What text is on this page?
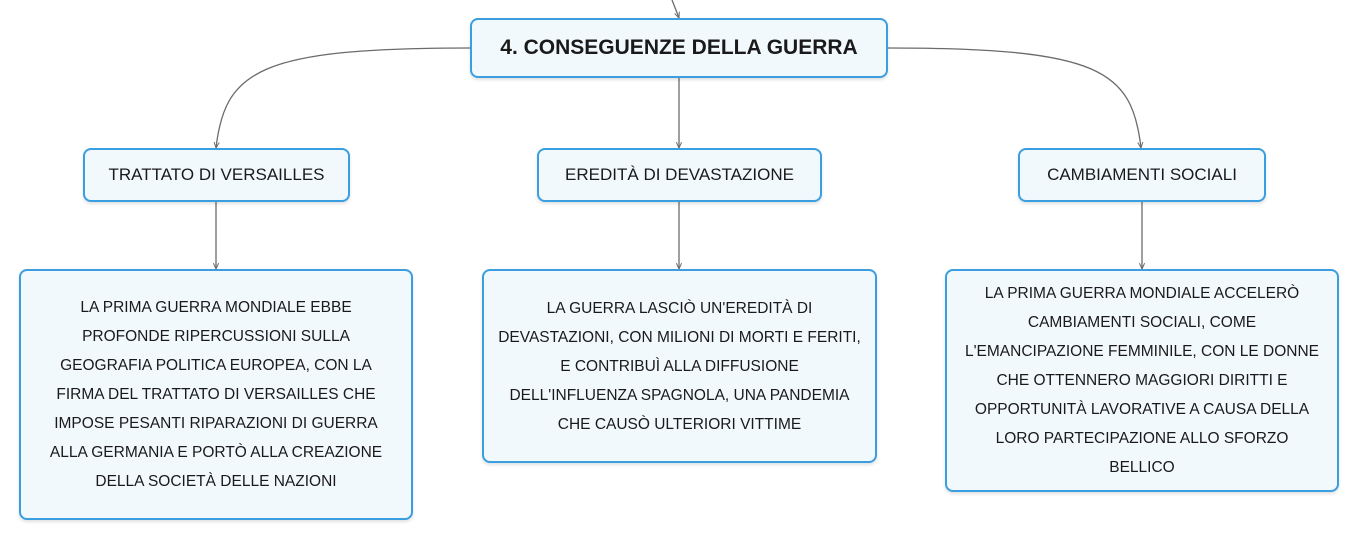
4. CONSEGUENZE DELLA GUERRA
TRATTATO DI VERSAILLES	EREDITÀ DI DEVASTAZIONE	CAMBIAMENTI SOCIALI
LA PRIMA GUERRA MONDIALE EBBE PROFONDE RIPERCUSSIONI SULLA GEOGRAFIA POLITICA EUROPEA, CON LA FIRMA DEL TRATTATO DI VERSAILLES CHE IMPOSE PESANTI RIPARAZIONI DI GUERRA ALLA GERMANIA E PORTÒ ALLA CREAZIONE DELLA SOCIETÀ DELLE NAZIONI
LA GUERRA LASCIÒ UN'EREDITÀ DI DEVASTAZIONI, CON MILIONI DI MORTI E FERITI, E CONTRIBUÌ ALLA DIFFUSIONE DELL'INFLUENZA SPAGNOLA, UNA PANDEMIA CHE CAUSÒ ULTERIORI VITTIME
LA PRIMA GUERRA MONDIALE ACCELERÒ CAMBIAMENTI SOCIALI, COME L'EMANCIPAZIONE FEMMINILE, CON LE DONNE CHE OTTENNERO MAGGIORI DIRITTI E OPPORTUNITÀ LAVORATIVE A CAUSA DELLA LORO PARTECIPAZIONE ALLO SFORZO BELLICO
